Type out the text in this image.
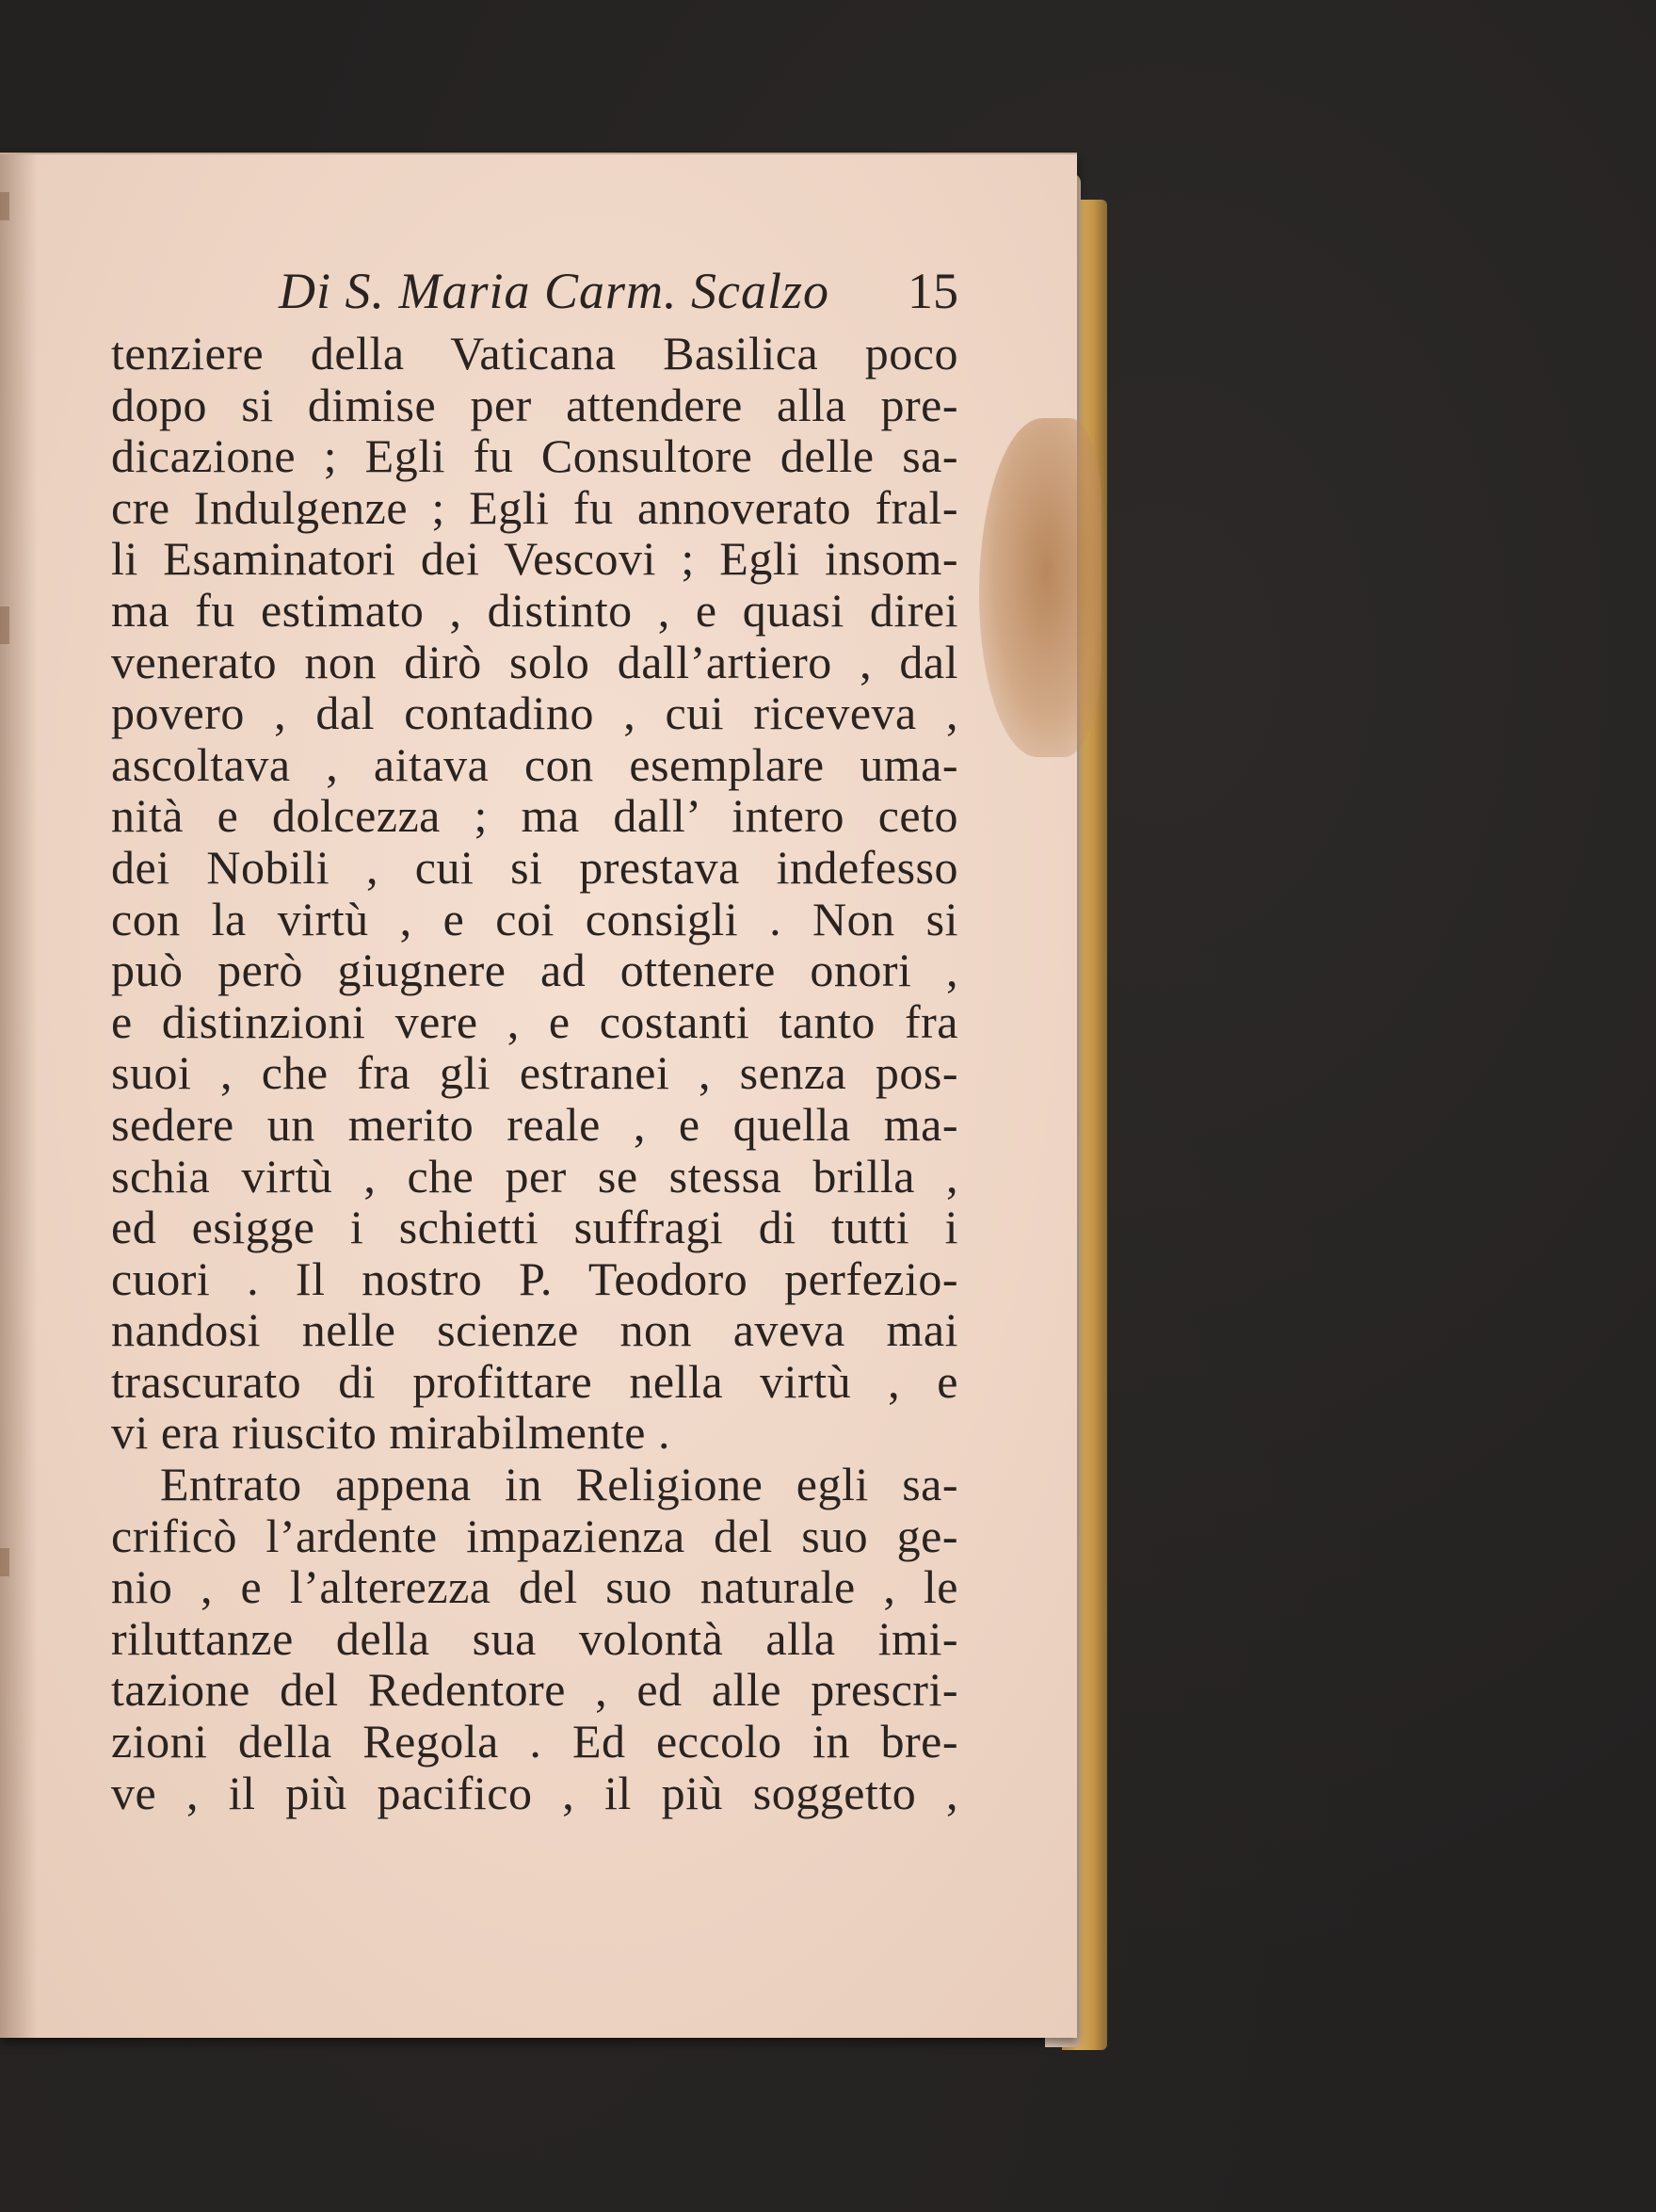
Di S. Maria Carm. Scalzo 15
tenziere della Vaticana Basilica poco
dopo si dimise per attendere alla pre-
dicazione ; Egli fu Consultore delle sa-
cre Indulgenze ; Egli fu annoverato fral-
li Esaminatori dei Vescovi ; Egli insom-
ma fu estimato , distinto , e quasi direi
venerato non dirò solo dall’artiero , dal
povero , dal contadino , cui riceveva ,
ascoltava , aitava con esemplare uma-
nità e dolcezza ; ma dall’ intero ceto
dei Nobili , cui si prestava indefesso
con la virtù , e coi consigli . Non si
può però giugnere ad ottenere onori ,
e distinzioni vere , e costanti tanto fra
suoi , che fra gli estranei , senza pos-
sedere un merito reale , e quella ma-
schia virtù , che per se stessa brilla ,
ed esigge i schietti suffragi di tutti i
cuori . Il nostro P. Teodoro perfezio-
nandosi nelle scienze non aveva mai
trascurato di profittare nella virtù , e
vi era riuscito mirabilmente .
Entrato appena in Religione egli sa-
crificò l’ardente impazienza del suo ge-
nio , e l’alterezza del suo naturale , le
riluttanze della sua volontà alla imi-
tazione del Redentore , ed alle prescri-
zioni della Regola . Ed eccolo in bre-
ve , il più pacifico , il più soggetto ,
